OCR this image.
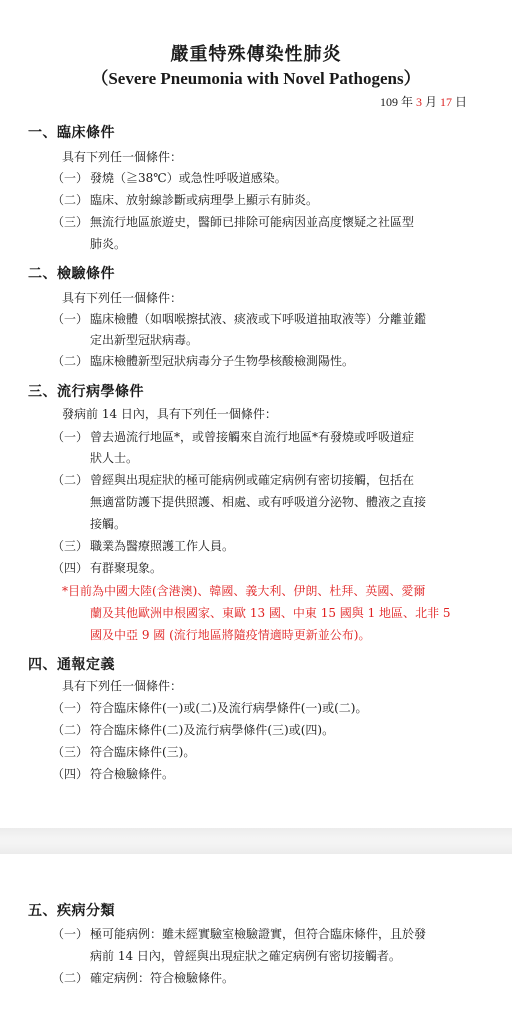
嚴重特殊傳染性肺炎
（Severe Pneumonia with Novel Pathogens）
109 年 3 月 17 日
一、臨床條件
具有下列任一個條件：
（一） 發燒（≧38℃）或急性呼吸道感染。
（二） 臨床、放射線診斷或病理學上顯示有肺炎。
（三） 無流行地區旅遊史，醫師已排除可能病因並高度懷疑之社區型
肺炎。
二、檢驗條件
具有下列任一個條件：
（一） 臨床檢體（如咽喉擦拭液、痰液或下呼吸道抽取液等）分離並鑑
定出新型冠狀病毒。
（二） 臨床檢體新型冠狀病毒分子生物學核酸檢測陽性。
三、流行病學條件
發病前 14 日內，具有下列任一個條件：
（一） 曾去過流行地區*，或曾接觸來自流行地區*有發燒或呼吸道症
狀人士。
（二） 曾經與出現症狀的極可能病例或確定病例有密切接觸，包括在
無適當防護下提供照護、相處、或有呼吸道分泌物、體液之直接
接觸。
（三） 職業為醫療照護工作人員。
（四） 有群聚現象。
*目前為中國大陸(含港澳)、韓國、義大利、伊朗、杜拜、英國、愛爾
蘭及其他歐洲申根國家、東歐 13 國、中東 15 國與 1 地區、北非 5
國及中亞 9 國 (流行地區將隨疫情適時更新並公布)。
四、通報定義
具有下列任一個條件：
（一） 符合臨床條件(一)或(二)及流行病學條件(一)或(二)。
（二） 符合臨床條件(二)及流行病學條件(三)或(四)。
（三） 符合臨床條件(三)。
（四） 符合檢驗條件。
五、疾病分類
（一） 極可能病例：雖未經實驗室檢驗證實，但符合臨床條件，且於發
病前 14 日內，曾經與出現症狀之確定病例有密切接觸者。
（二） 確定病例：符合檢驗條件。
